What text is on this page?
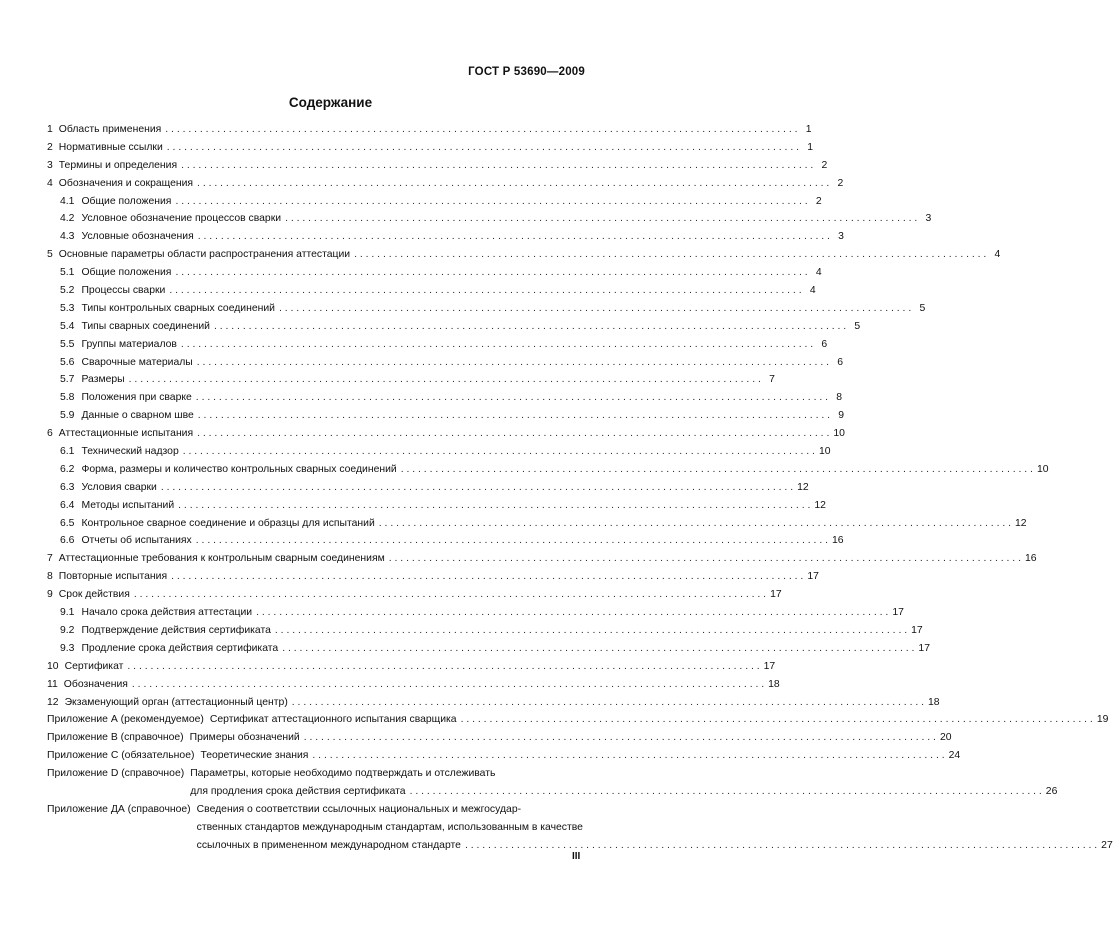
ГОСТ Р 53690—2009
Содержание
1 Область применения . . .	1
2 Нормативные ссылки . . .	1
3 Термины и определения . . .	2
4 Обозначения и сокращения . . .	2
4.1 Общие положения . . .	2
4.2 Условное обозначение процессов сварки . . .	3
4.3 Условные обозначения . . .	3
5 Основные параметры области распространения аттестации . . .	4
5.1 Общие положения . . .	4
5.2 Процессы сварки . . .	4
5.3 Типы контрольных сварных соединений . . .	5
5.4 Типы сварных соединений . . .	5
5.5 Группы материалов . . .	6
5.6 Сварочные материалы . . .	6
5.7 Размеры . . .	7
5.8 Положения при сварке . . .	8
5.9 Данные о сварном шве . . .	9
6 Аттестационные испытания . . .	10
6.1 Технический надзор . . .	10
6.2 Форма, размеры и количество контрольных сварных соединений . . .	10
6.3 Условия сварки . . .	12
6.4 Методы испытаний . . .	12
6.5 Контрольное сварное соединение и образцы для испытаний . . .	12
6.6 Отчеты об испытаниях . . .	16
7 Аттестационные требования к контрольным сварным соединениям . . .	16
8 Повторные испытания . . .	17
9 Срок действия . . .	17
9.1 Начало срока действия аттестации . . .	17
9.2 Подтверждение действия сертификата . . .	17
9.3 Продление срока действия сертификата . . .	17
10 Сертификат . . .	17
11 Обозначения . . .	18
12 Экзаменующий орган (аттестационный центр) . . .	18
Приложение А (рекомендуемое) Сертификат аттестационного испытания сварщика . . .	19
Приложение В (справочное) Примеры обозначений . . .	20
Приложение С (обязательное) Теоретические знания . . .	24
Приложение D (справочное) Параметры, которые необходимо подтверждать и отслеживать
для продления срока действия сертификата . . .	26
Приложение ДА (справочное) Сведения о соответствии ссылочных национальных и межгосудар-
ственных стандартов международным стандартам, использованным в качестве
ссылочных в примененном международном стандарте . . .	27
III
